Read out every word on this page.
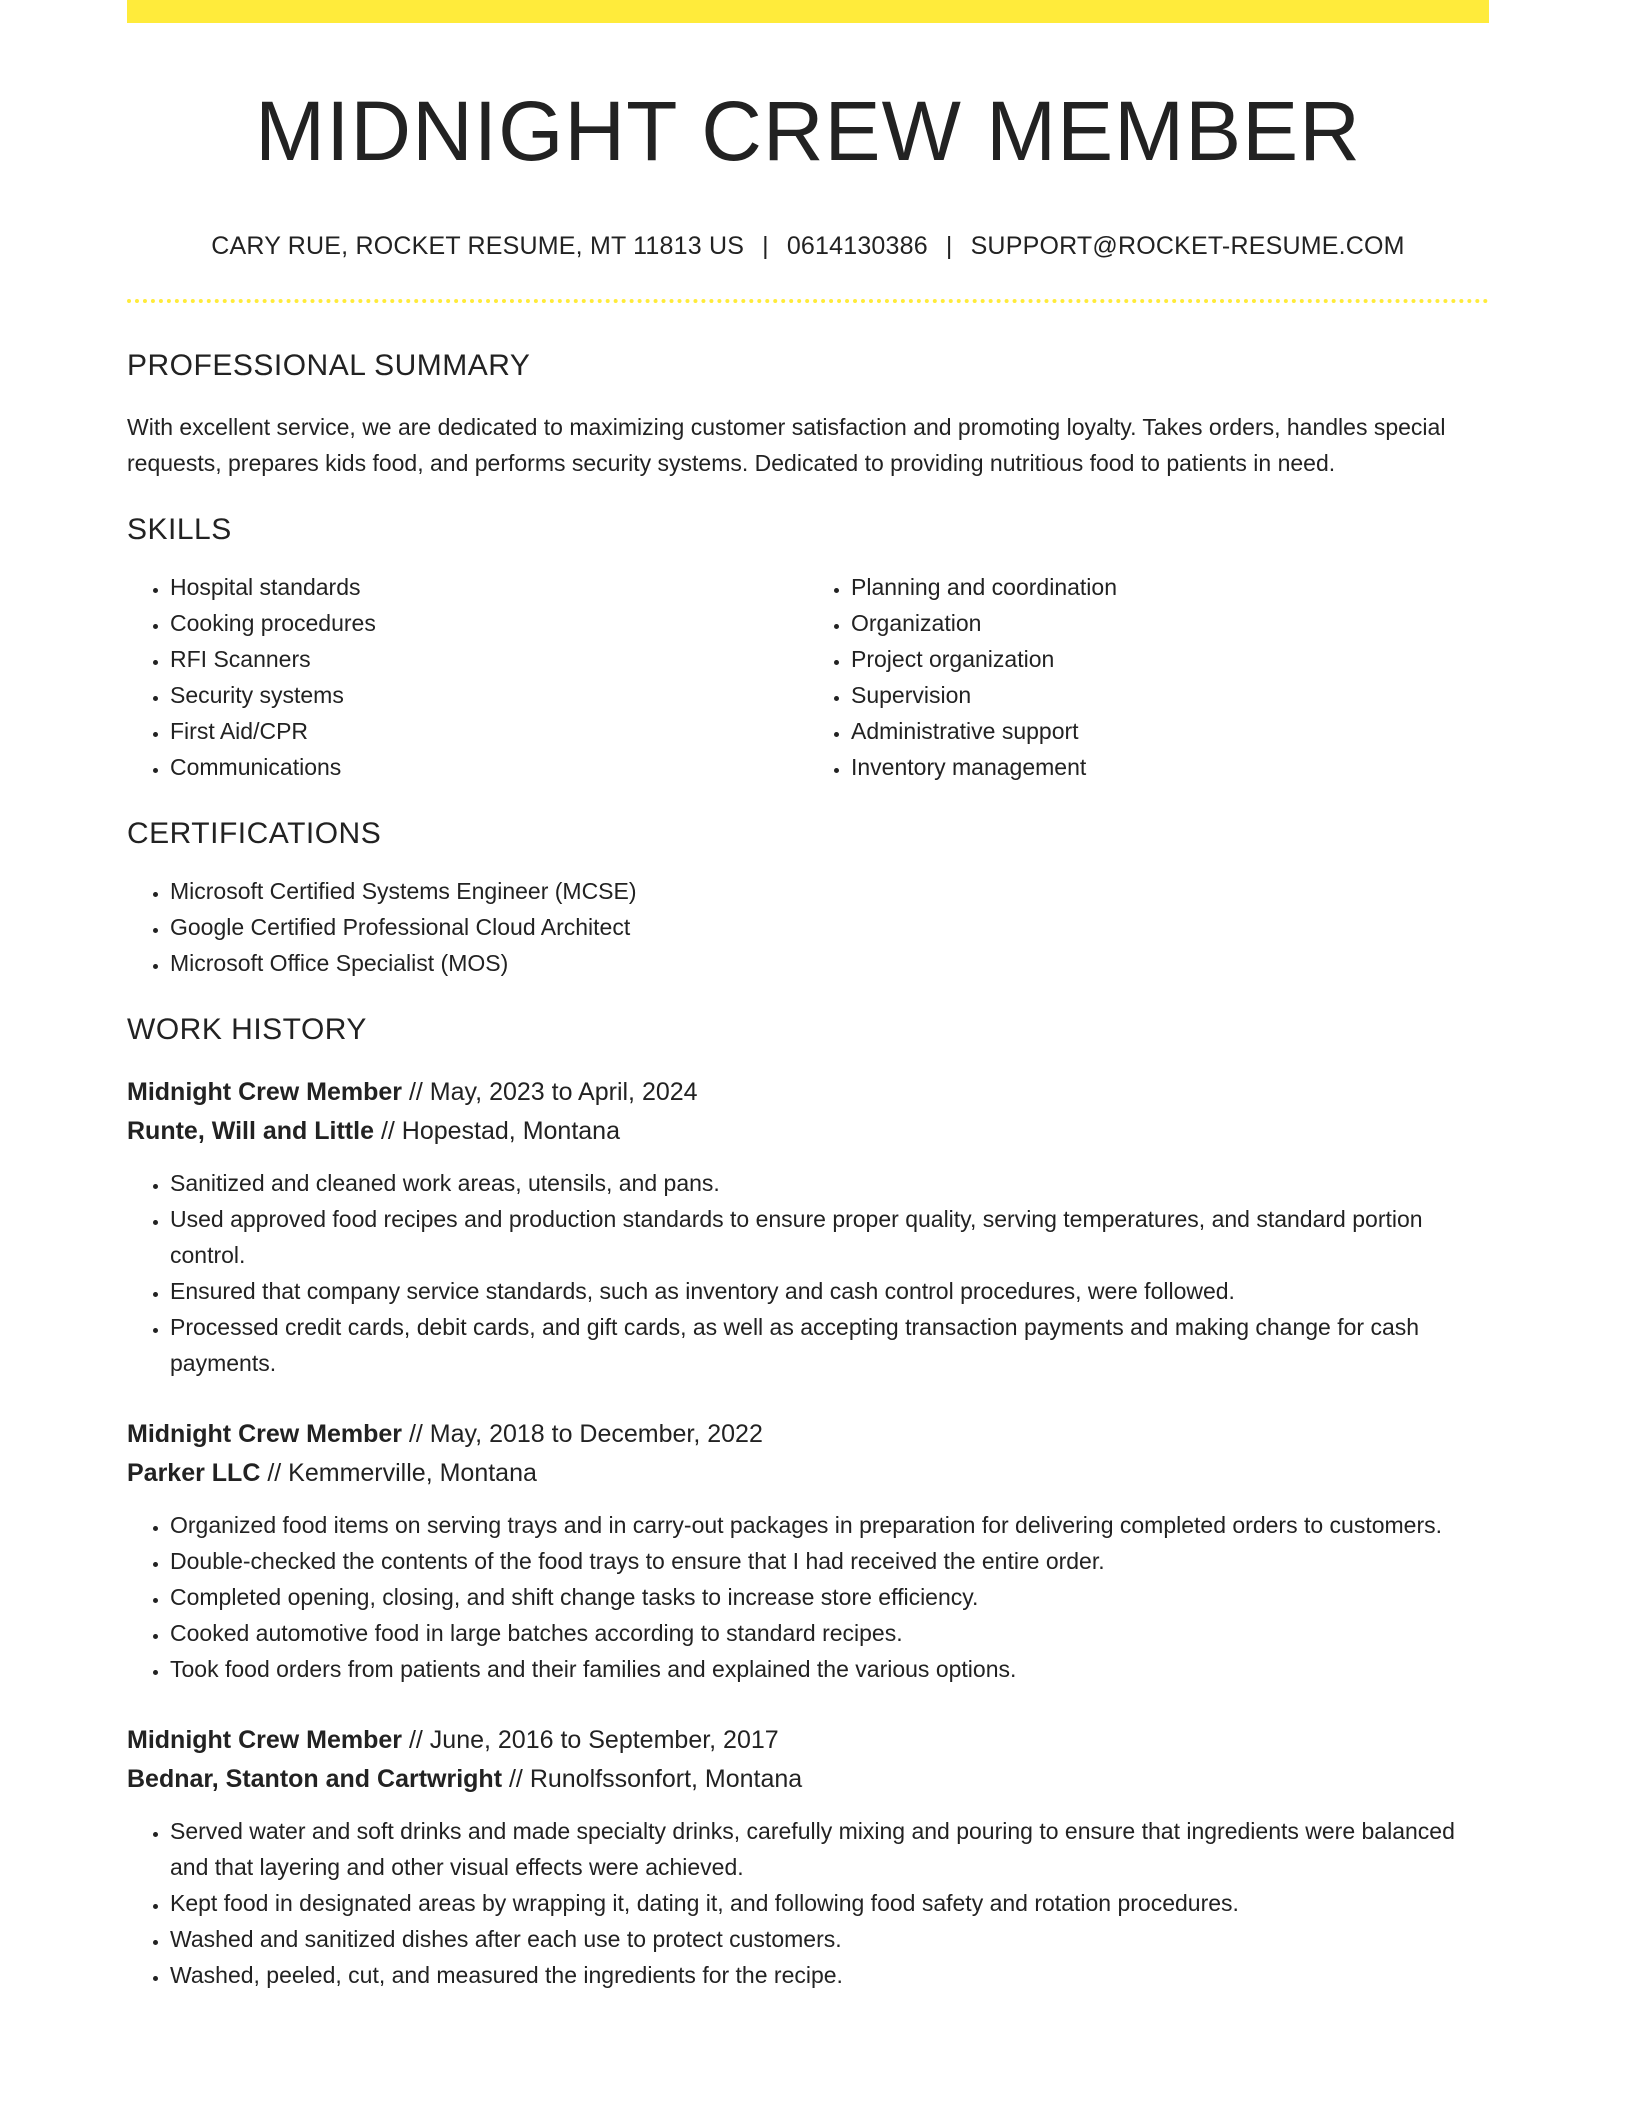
MIDNIGHT CREW MEMBER
CARY RUE, ROCKET RESUME, MT 11813 US | 0614130386 | SUPPORT@ROCKET-RESUME.COM
PROFESSIONAL SUMMARY
With excellent service, we are dedicated to maximizing customer satisfaction and promoting loyalty. Takes orders, handles special requests, prepares kids food, and performs security systems. Dedicated to providing nutritious food to patients in need.
SKILLS
• Hospital standards
• Cooking procedures
• RFI Scanners
• Security systems
• First Aid/CPR
• Communications
• Planning and coordination
• Organization
• Project organization
• Supervision
• Administrative support
• Inventory management
CERTIFICATIONS
• Microsoft Certified Systems Engineer (MCSE)
• Google Certified Professional Cloud Architect
• Microsoft Office Specialist (MOS)
WORK HISTORY
Midnight Crew Member // May, 2023 to April, 2024
Runte, Will and Little // Hopestad, Montana
• Sanitized and cleaned work areas, utensils, and pans.
• Used approved food recipes and production standards to ensure proper quality, serving temperatures, and standard portion control.
• Ensured that company service standards, such as inventory and cash control procedures, were followed.
• Processed credit cards, debit cards, and gift cards, as well as accepting transaction payments and making change for cash payments.
Midnight Crew Member // May, 2018 to December, 2022
Parker LLC // Kemmerville, Montana
• Organized food items on serving trays and in carry-out packages in preparation for delivering completed orders to customers.
• Double-checked the contents of the food trays to ensure that I had received the entire order.
• Completed opening, closing, and shift change tasks to increase store efficiency.
• Cooked automotive food in large batches according to standard recipes.
• Took food orders from patients and their families and explained the various options.
Midnight Crew Member // June, 2016 to September, 2017
Bednar, Stanton and Cartwright // Runolfssonfort, Montana
• Served water and soft drinks and made specialty drinks, carefully mixing and pouring to ensure that ingredients were balanced and that layering and other visual effects were achieved.
• Kept food in designated areas by wrapping it, dating it, and following food safety and rotation procedures.
• Washed and sanitized dishes after each use to protect customers.
• Washed, peeled, cut, and measured the ingredients for the recipe.
